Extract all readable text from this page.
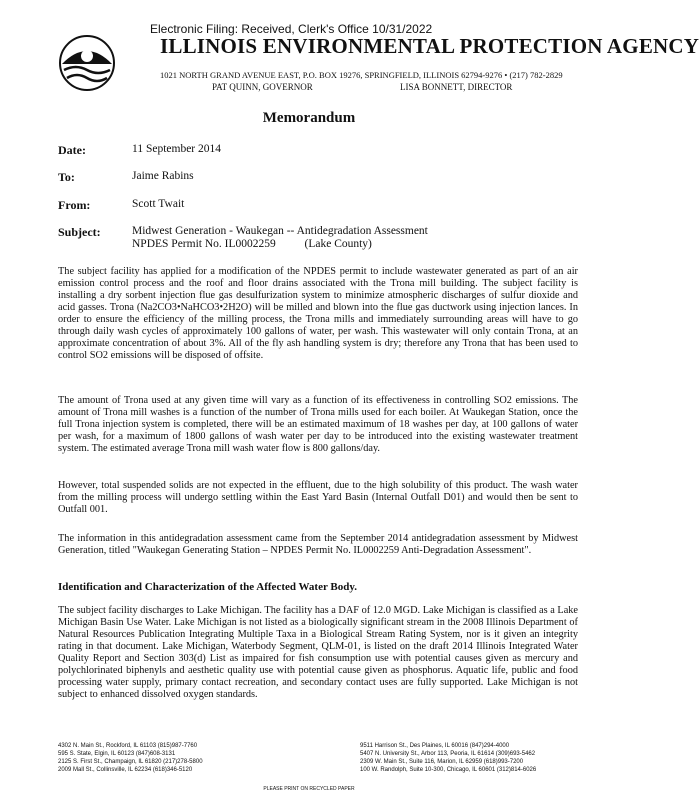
Electronic Filing: Received, Clerk's Office 10/31/2022
ILLINOIS ENVIRONMENTAL PROTECTION AGENCY
1021 NORTH GRAND AVENUE EAST, P.O. BOX 19276, SPRINGFIELD, ILLINOIS 62794-9276 • (217) 782-2829
PAT QUINN, GOVERNOR	LISA BONNETT, DIRECTOR
Memorandum
Date:	11 September 2014
To:	Jaime Rabins
From:	Scott Twait
Subject:	Midwest Generation - Waukegan -- Antidegradation Assessment
NPDES Permit No. IL0002259          (Lake County)
The subject facility has applied for a modification of the NPDES permit to include wastewater generated as part of an air emission control process and the roof and floor drains associated with the Trona mill building. The subject facility is installing a dry sorbent injection flue gas desulfurization system to minimize atmospheric discharges of sulfur dioxide and acid gasses. Trona (Na2CO3•NaHCO3•2H2O) will be milled and blown into the flue gas ductwork using injection lances. In order to ensure the efficiency of the milling process, the Trona mills and immediately surrounding areas will have to go through daily wash cycles of approximately 100 gallons of water, per wash. This wastewater will only contain Trona, at an approximate concentration of about 3%. All of the fly ash handling system is dry; therefore any Trona that has been used to control SO2 emissions will be disposed of offsite.
The amount of Trona used at any given time will vary as a function of its effectiveness in controlling SO2 emissions. The amount of Trona mill washes is a function of the number of Trona mills used for each boiler. At Waukegan Station, once the full Trona injection system is completed, there will be an estimated maximum of 18 washes per day, at 100 gallons of water per wash, for a maximum of 1800 gallons of wash water per day to be introduced into the existing wastewater treatment system. The estimated average Trona mill wash water flow is 800 gallons/day.
However, total suspended solids are not expected in the effluent, due to the high solubility of this product. The wash water from the milling process will undergo settling within the East Yard Basin (Internal Outfall D01) and would then be sent to Outfall 001.
The information in this antidegradation assessment came from the September 2014 antidegradation assessment by Midwest Generation, titled "Waukegan Generating Station – NPDES Permit No. IL0002259 Anti-Degradation Assessment".
Identification and Characterization of the Affected Water Body.
The subject facility discharges to Lake Michigan. The facility has a DAF of 12.0 MGD. Lake Michigan is classified as a Lake Michigan Basin Use Water. Lake Michigan is not listed as a biologically significant stream in the 2008 Illinois Department of Natural Resources Publication Integrating Multiple Taxa in a Biological Stream Rating System, nor is it given an integrity rating in that document. Lake Michigan, Waterbody Segment, QLM-01, is listed on the draft 2014 Illinois Integrated Water Quality Report and Section 303(d) List as impaired for fish consumption use with potential causes given as mercury and polychlorinated biphenyls and aesthetic quality use with potential cause given as phosphorus. Aquatic life, public and food processing water supply, primary contact recreation, and secondary contact uses are fully supported. Lake Michigan is not subject to enhanced dissolved oxygen standards.
4302 N. Main St., Rockford, IL 61103 (815)987-7760
595 S. State, Elgin, IL 60123 (847)608-3131
2125 S. First St., Champaign, IL 61820 (217)278-5800
2009 Mall St., Collinsville, IL 62234 (618)346-5120
9511 Harrison St., Des Plaines, IL 60016 (847)294-4000
5407 N. University St., Arbor 113, Peoria, IL 61614 (309)693-5462
2309 W. Main St., Suite 116, Marion, IL 62959 (618)993-7200
100 W. Randolph, Suite 10-300, Chicago, IL 60601 (312)814-6026
PLEASE PRINT ON RECYCLED PAPER
